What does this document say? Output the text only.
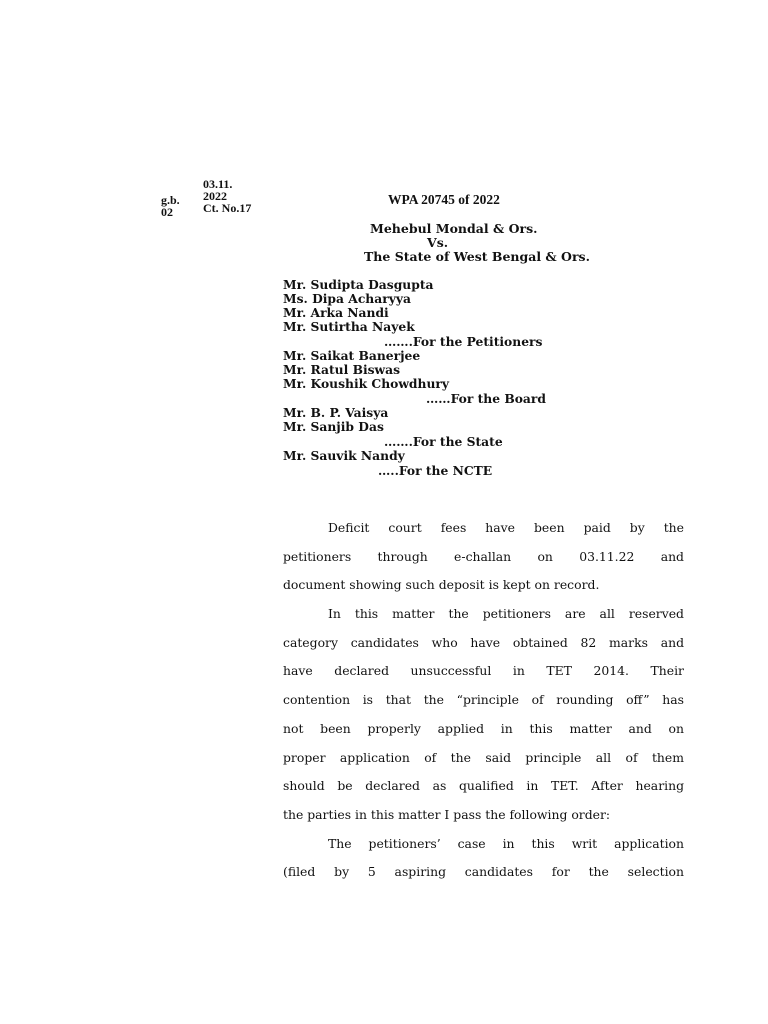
g.b.
02
03.11.
2022
Ct. No.17
WPA 20745 of 2022
Mehebul Mondal & Ors.
Vs.
The State of West Bengal & Ors.
Mr. Sudipta Dasgupta
Ms. Dipa Acharyya
Mr. Arka Nandi
Mr. Sutirtha Nayek
…….For the Petitioners
Mr. Saikat Banerjee
Mr. Ratul Biswas
Mr. Koushik Chowdhury
……For the Board
Mr. B. P. Vaisya
Mr. Sanjib Das
…….For the State
Mr. Sauvik Nandy
…..For the NCTE
Deficit court fees have been paid by the
petitioners through e-challan on 03.11.22 and
document showing such deposit is kept on record.
In this matter the petitioners are all reserved
category candidates who have obtained 82 marks and
have declared unsuccessful in TET 2014. Their
contention is that the “principle of rounding off” has
not been properly applied in this matter and on
proper application of the said principle all of them
should be declared as qualified in TET. After hearing
the parties in this matter I pass the following order:
The petitioners’ case in this writ application
(filed by 5 aspiring candidates for the selection
